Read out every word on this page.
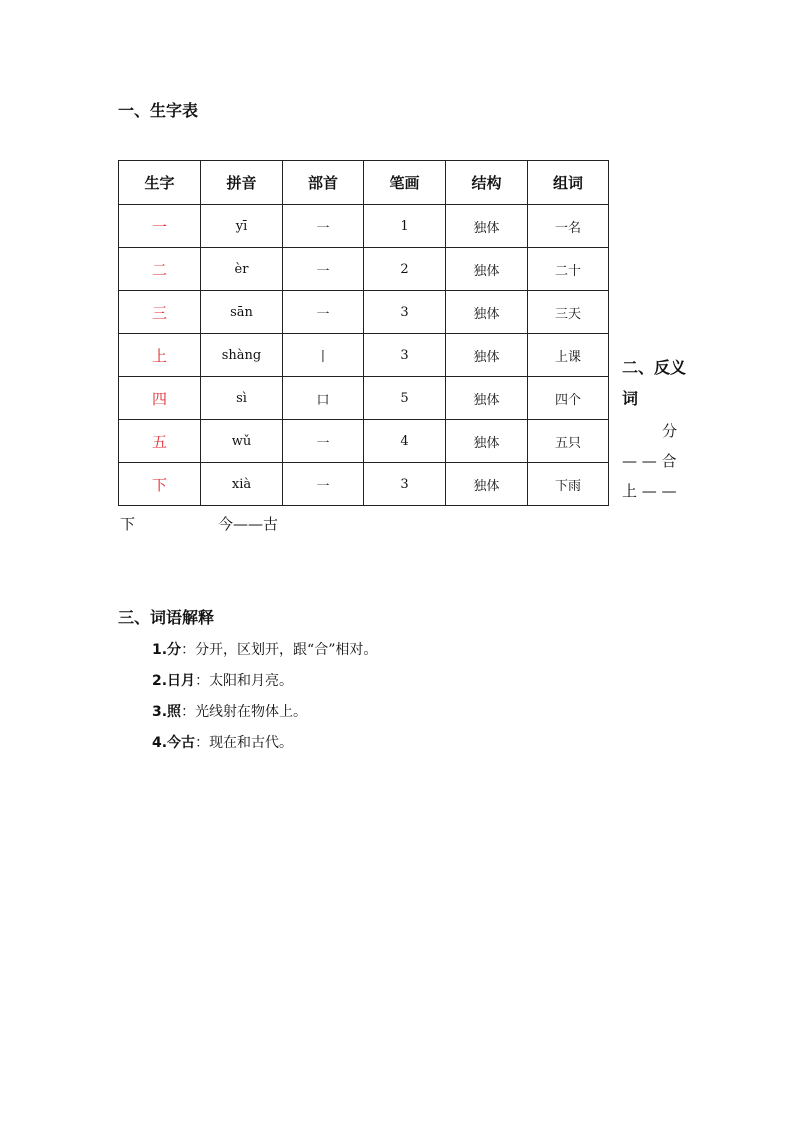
一、生字表
生字	拼音	部首	笔画	结构	组词
一	yī	一	1	独体	一名
二	èr	一	2	独体	二十
三	sān	一	3	独体	三天
上	shàng	丨	3	独体	上课
四	sì	口	5	独体	四个
五	wǔ	一	4	独体	五只
下	xià	一	3	独体	下雨
二、反义
词
分
— — 合
上 — —
下	今——古
三、词语解释
1.分：分开，区划开，跟“合”相对。
2.日月：太阳和月亮。
3.照：光线射在物体上。
4.今古：现在和古代。
